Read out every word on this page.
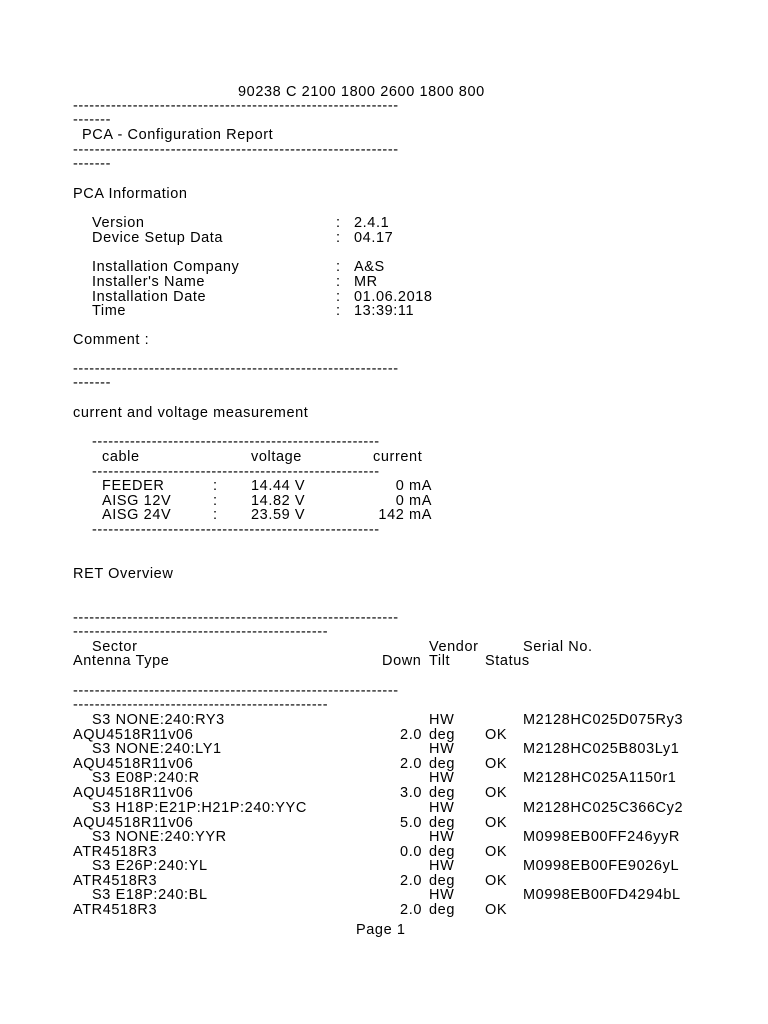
90238 C 2100 1800 2600 1800 800
------------------------------------------------------------
-------
PCA - Configuration Report
------------------------------------------------------------
-------
PCA Information
Version	: 2.4.1
Device Setup Data	: 04.17
Installation Company	: A&S
Installer's Name	: MR
Installation Date	: 01.06.2018
Time	: 13:39:11
Comment :
------------------------------------------------------------
-------
current and voltage measurement
-----------------------------------------------------
cable	voltage	current
-----------------------------------------------------
FEEDER	: 14.44 V	0 mA
AISG 12V	: 14.82 V	0 mA
AISG 24V	: 23.59 V	142 mA
-----------------------------------------------------
RET Overview
------------------------------------------------------------
-----------------------------------------------
Sector	Vendor	Serial No.
Antenna Type	Down Tilt Status
------------------------------------------------------------
-----------------------------------------------
S3 NONE:240:RY3	HW	M2128HC025D075Ry3
AQU4518R11v06	2.0 deg OK
S3 NONE:240:LY1	HW	M2128HC025B803Ly1
AQU4518R11v06	2.0 deg OK
S3 E08P:240:R	HW	M2128HC025A1150r1
AQU4518R11v06	3.0 deg OK
S3 H18P:E21P:H21P:240:YYC	HW	M2128HC025C366Cy2
AQU4518R11v06	5.0 deg OK
S3 NONE:240:YYR	HW	M0998EB00FF246yyR
ATR4518R3	0.0 deg OK
S3 E26P:240:YL	HW	M0998EB00FE9026yL
ATR4518R3	2.0 deg OK
S3 E18P:240:BL	HW	M0998EB00FD4294bL
ATR4518R3	2.0 deg OK
Page 1
